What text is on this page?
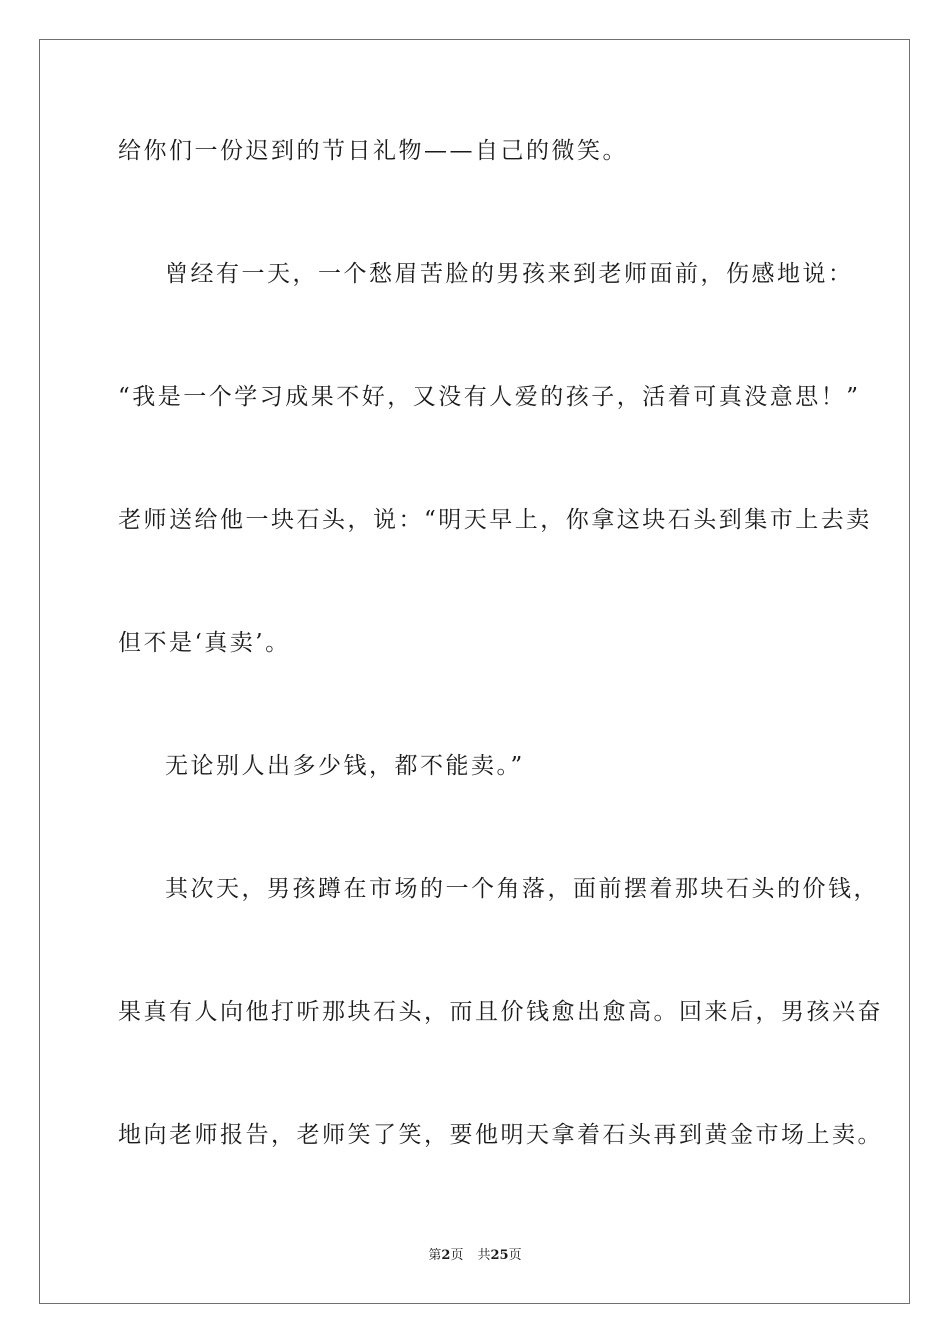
给你们一份迟到的节日礼物——自己的微笑。

曾经有一天，一个愁眉苦脸的男孩来到老师面前，伤感地说：

“我是一个学习成果不好，又没有人爱的孩子，活着可真没意思！”

老师送给他一块石头，说：“明天早上，你拿这块石头到集市上去卖

但不是‘真卖’。

无论别人出多少钱，都不能卖。”

其次天，男孩蹲在市场的一个角落，面前摆着那块石头的价钱，

果真有人向他打听那块石头，而且价钱愈出愈高。回来后，男孩兴奋

地向老师报告，老师笑了笑，要他明天拿着石头再到黄金市场上卖。

第2页 共25页
